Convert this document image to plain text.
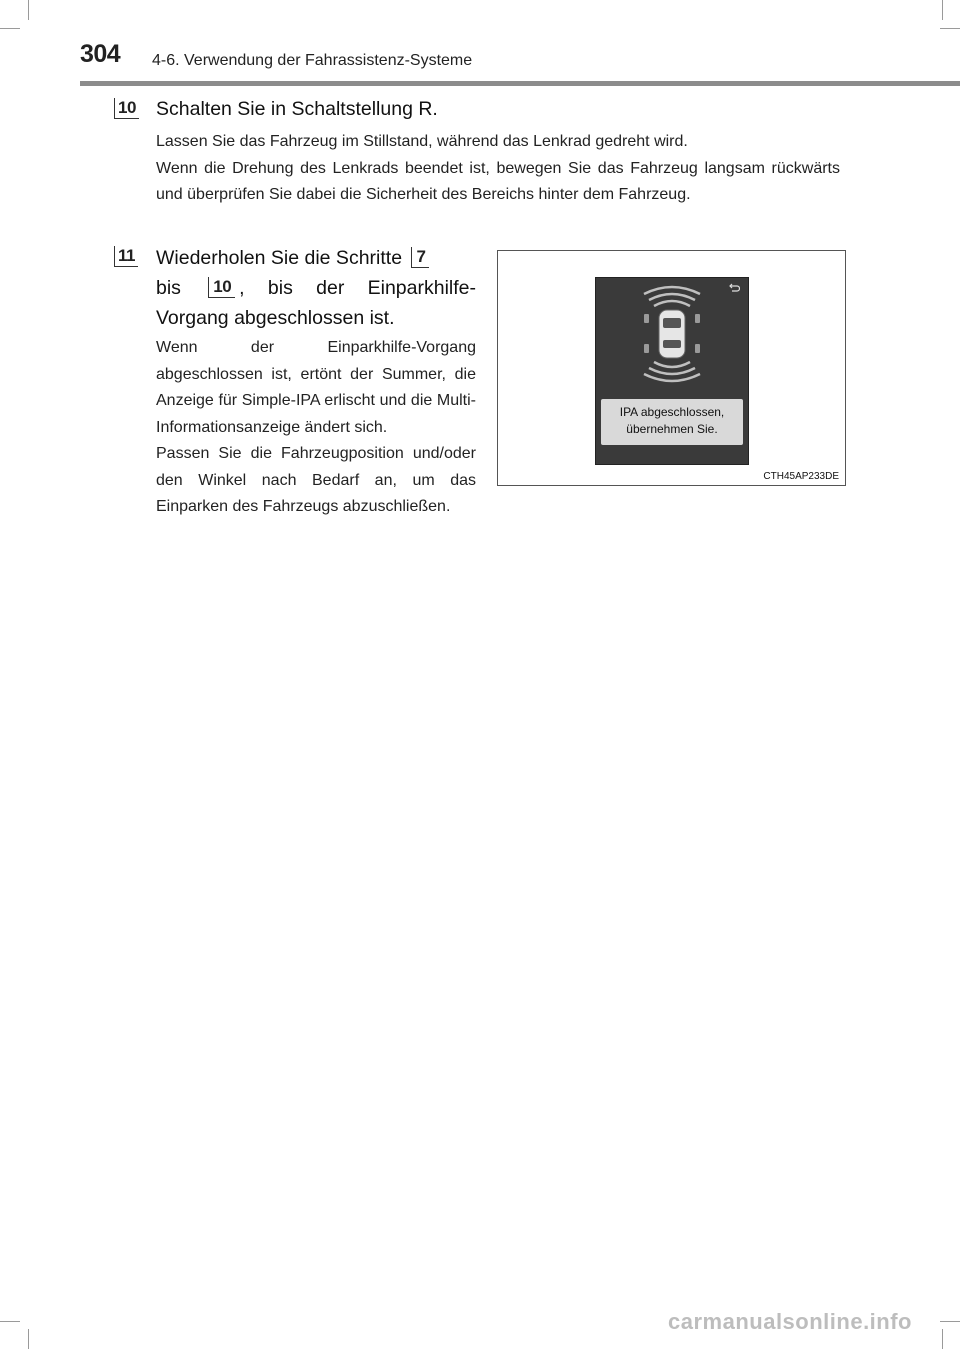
304 4-6. Verwendung der Fahrassistenz-Systeme
10 Schalten Sie in Schaltstellung R.

Lassen Sie das Fahrzeug im Stillstand, während das Lenkrad gedreht wird.

Wenn die Drehung des Lenkrads beendet ist, bewegen Sie das Fahrzeug langsam rückwärts und überprüfen Sie dabei die Sicherheit des Bereichs hinter dem Fahrzeug.

11 Wiederholen Sie die Schritte 7
bis 10 , bis der Einparkhilfe-Vorgang abgeschlossen ist.

Wenn der Einparkhilfe-Vorgang abgeschlossen ist, ertönt der Summer, die Anzeige für Simple-IPA erlischt und die Multi-Informationsanzeige ändert sich.

Passen Sie die Fahrzeugposition und/oder den Winkel nach Bedarf an, um das Einparken des Fahrzeugs abzuschließen.

IPA abgeschlossen,
übernehmen Sie.
CTH45AP233DE
carmanualsonline.info
